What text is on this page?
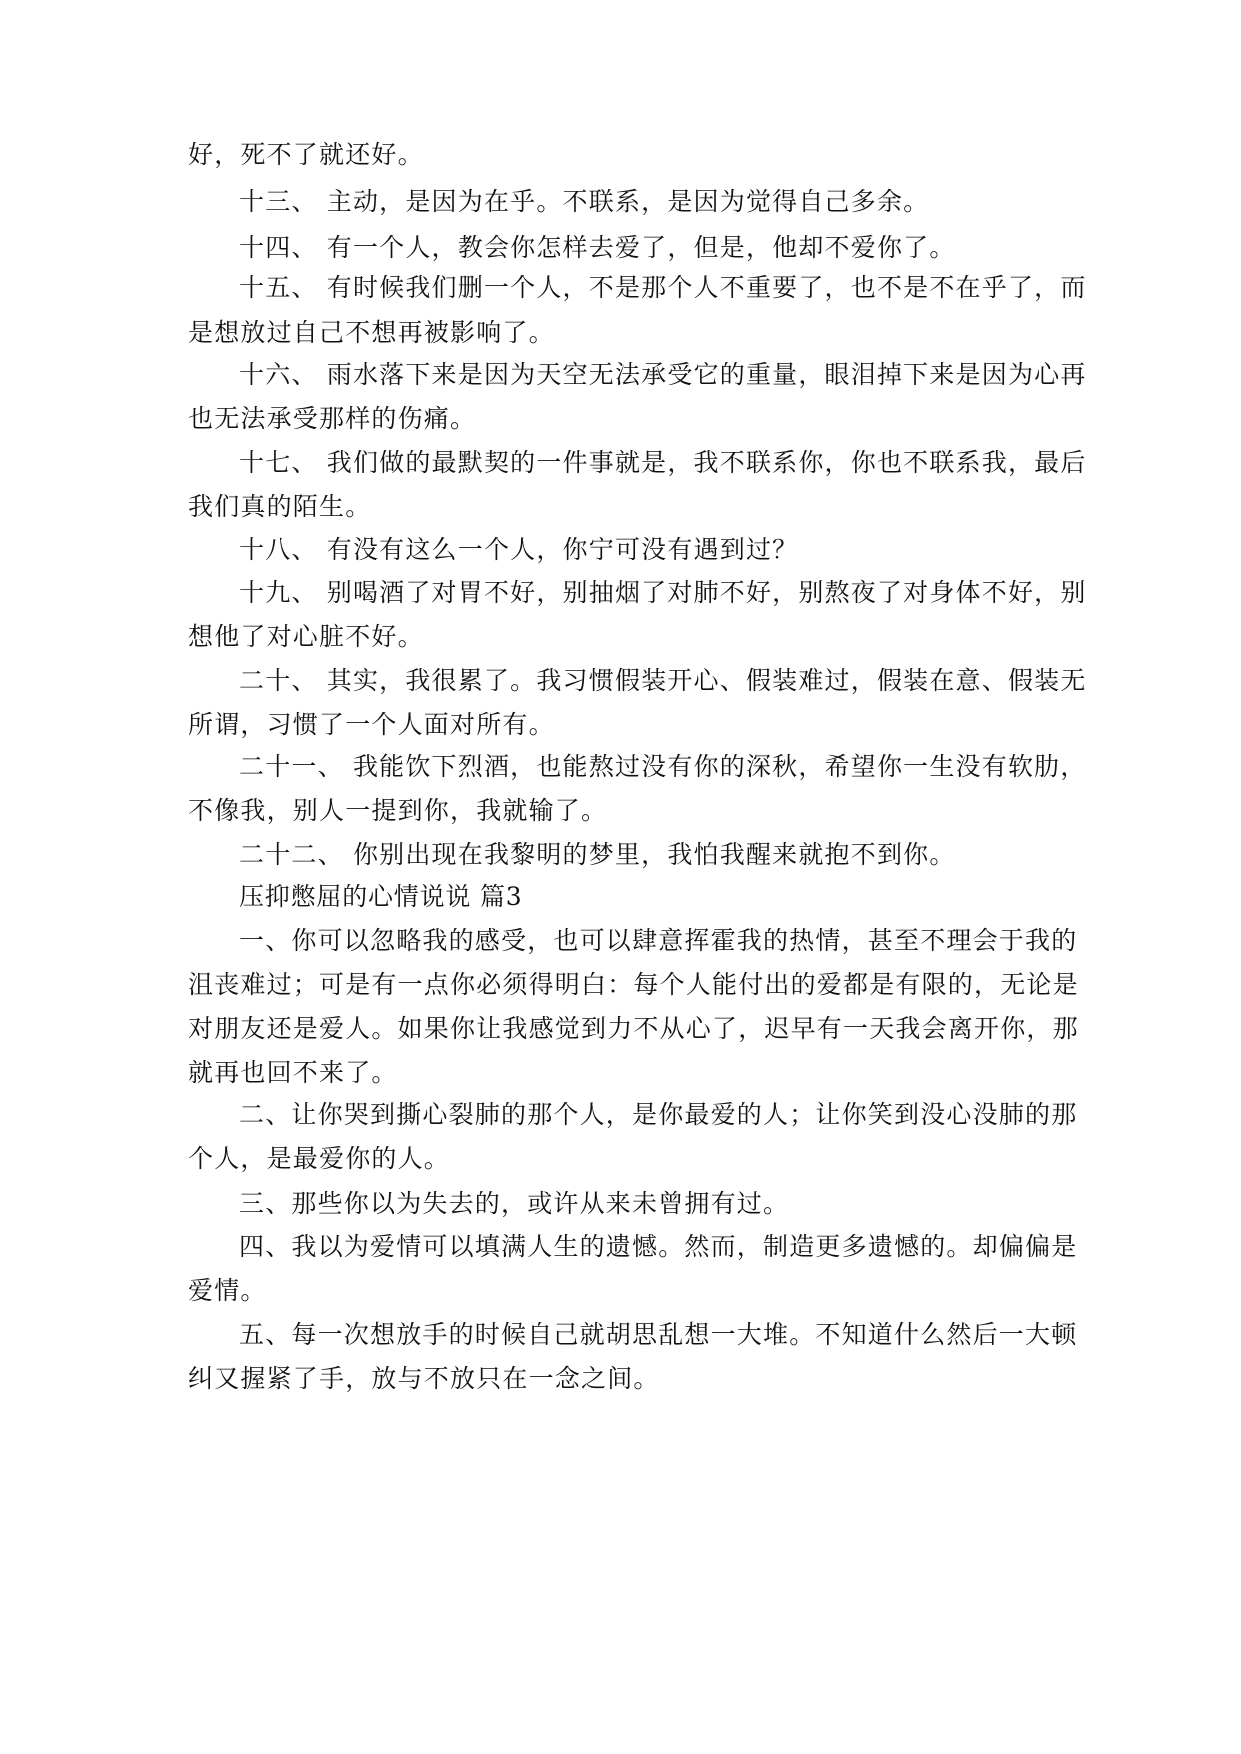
好，死不了就还好。
十三、 主动，是因为在乎。不联系，是因为觉得自己多余。
十四、 有一个人，教会你怎样去爱了，但是，他却不爱你了。
十五、 有时候我们删一个人，不是那个人不重要了，也不是不在乎了，而
是想放过自己不想再被影响了。
十六、 雨水落下来是因为天空无法承受它的重量，眼泪掉下来是因为心再
也无法承受那样的伤痛。
十七、 我们做的最默契的一件事就是，我不联系你，你也不联系我，最后
我们真的陌生。
十八、 有没有这么一个人，你宁可没有遇到过？
十九、 别喝酒了对胃不好，别抽烟了对肺不好，别熬夜了对身体不好，别
想他了对心脏不好。
二十、 其实，我很累了。我习惯假装开心、假装难过，假装在意、假装无
所谓，习惯了一个人面对所有。
二十一、 我能饮下烈酒，也能熬过没有你的深秋，希望你一生没有软肋，
不像我，别人一提到你，我就输了。
二十二、 你别出现在我黎明的梦里，我怕我醒来就抱不到你。
压抑憋屈的心情说说 篇3
一、你可以忽略我的感受，也可以肆意挥霍我的热情，甚至不理会于我的
沮丧难过；可是有一点你必须得明白：每个人能付出的爱都是有限的，无论是
对朋友还是爱人。如果你让我感觉到力不从心了，迟早有一天我会离开你，那
就再也回不来了。
二、让你哭到撕心裂肺的那个人，是你最爱的人；让你笑到没心没肺的那
个人，是最爱你的人。
三、那些你以为失去的，或许从来未曾拥有过。
四、我以为爱情可以填满人生的遗憾。然而，制造更多遗憾的。却偏偏是
爱情。
五、每一次想放手的时候自己就胡思乱想一大堆。不知道什么然后一大顿
纠又握紧了手，放与不放只在一念之间。
